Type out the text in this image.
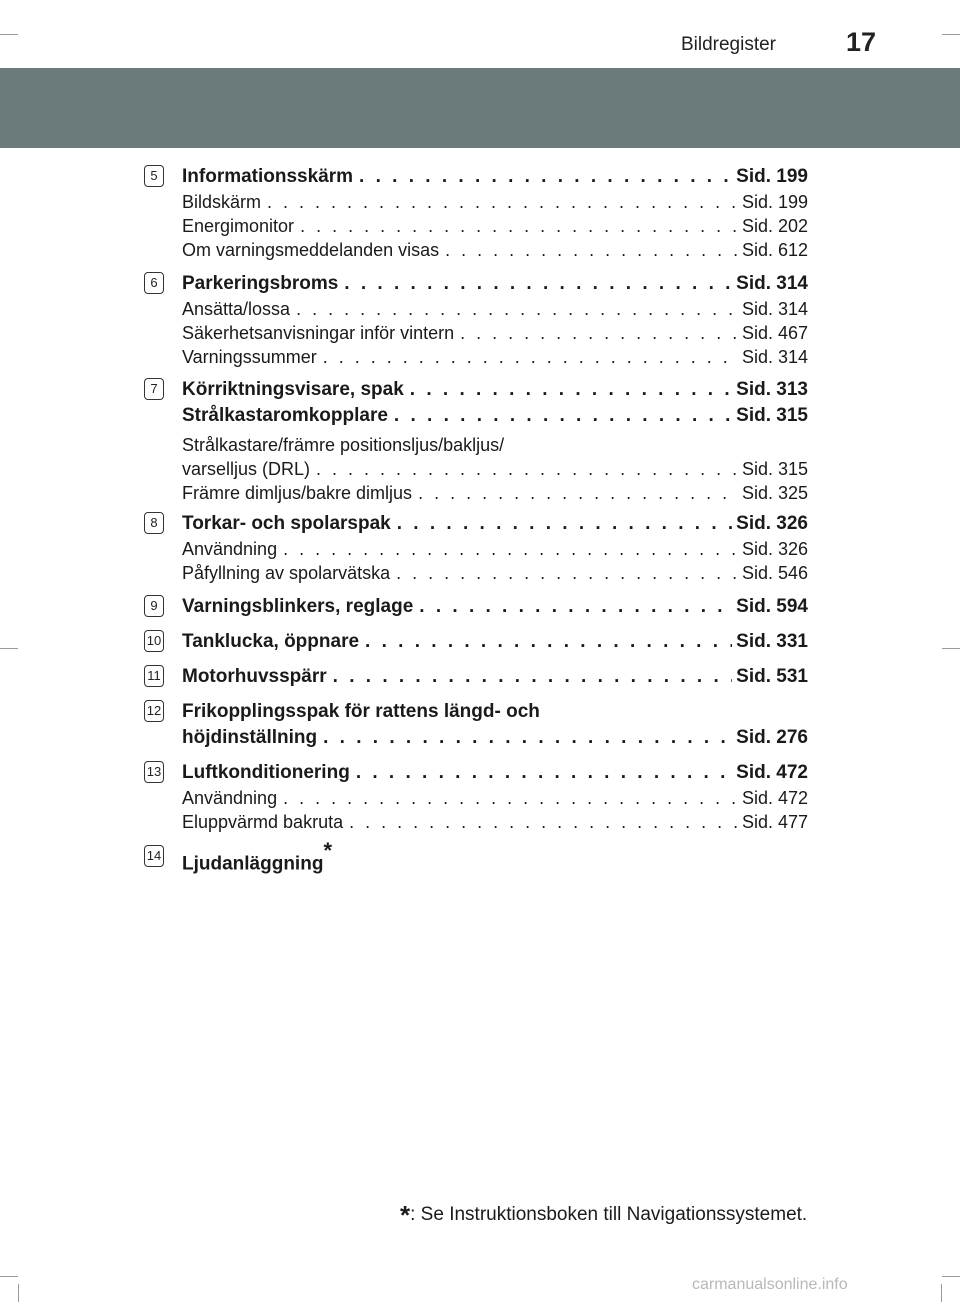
Bildregister	17
5	Informationsskärm . . .	Sid. 199
Bildskärm . . .	Sid. 199
Energimonitor . . .	Sid. 202
Om varningsmeddelanden visas . . .	Sid. 612
6	Parkeringsbroms . . .	Sid. 314
Ansätta/lossa . . .	Sid. 314
Säkerhetsanvisningar inför vintern . . .	Sid. 467
Varningssummer . . .	Sid. 314
7	Körriktningsvisare, spak . . .	Sid. 313
Strålkastaromkopplare . . .	Sid. 315
Strålkastare/främre positionsljus/bakljus/
varselljus (DRL) . . .	Sid. 315
Främre dimljus/bakre dimljus . . .	Sid. 325
8	Torkar- och spolarspak . . .	Sid. 326
Användning . . .	Sid. 326
Påfyllning av spolarvätska . . .	Sid. 546
9	Varningsblinkers, reglage . . .	Sid. 594
10 Tanklucka, öppnare . . .	Sid. 331
11 Motorhuvsspärr . . .	Sid. 531
12 Frikopplingsspak för rattens längd- och
höjdinställning . . .	Sid. 276
13 Luftkonditionering . . .	Sid. 472
Användning . . .	Sid. 472
Eluppvärmd bakruta . . .	Sid. 477
14 Ljudanläggning*
*: Se Instruktionsboken till Navigationssystemet.
carmanualsonline.info
